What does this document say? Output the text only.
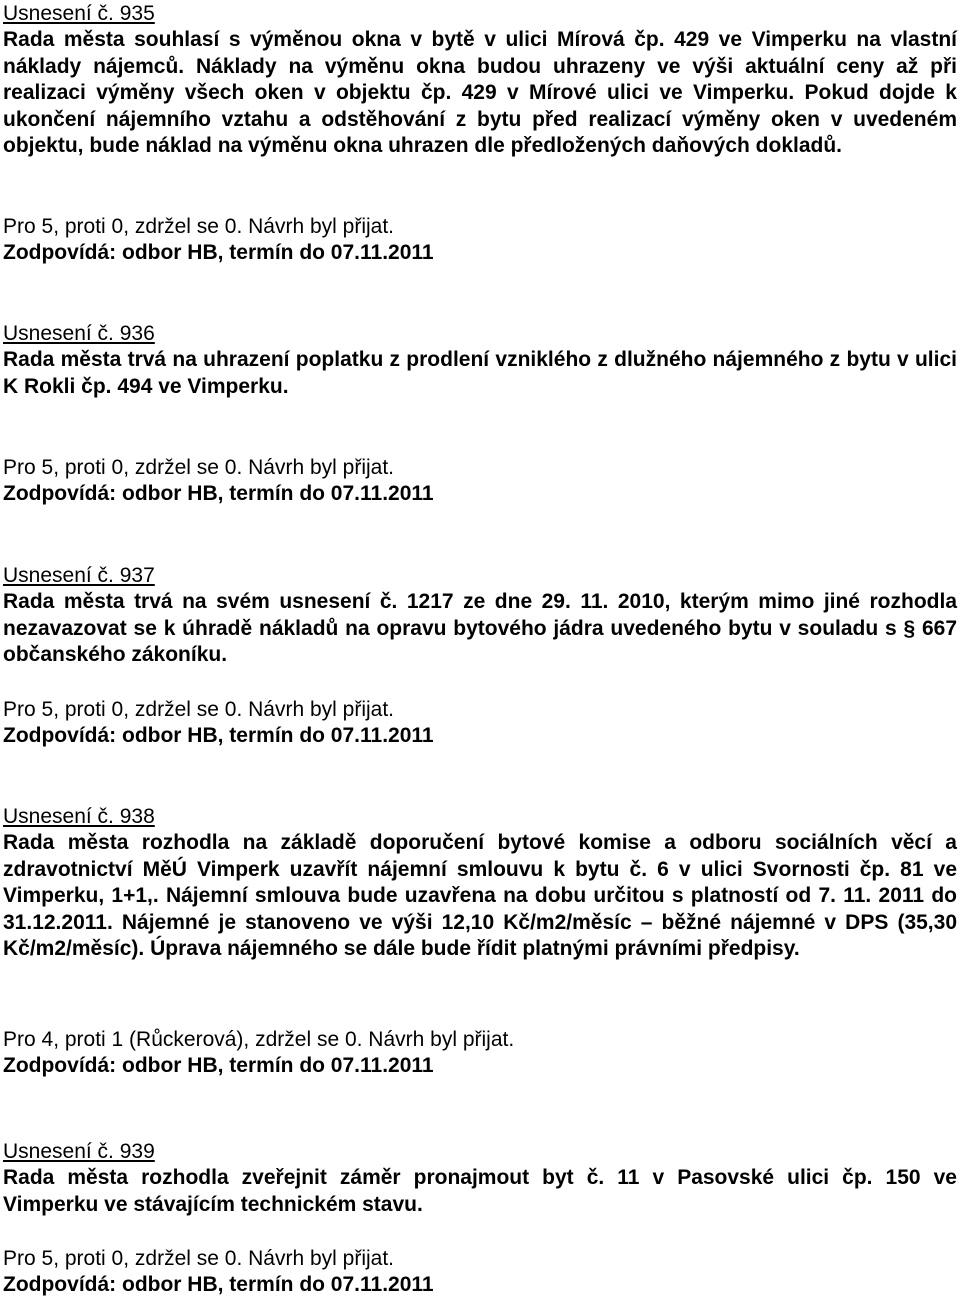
Usnesení č. 935

Rada města souhlasí s výměnou okna v bytě v ulici Mírová čp. 429 ve Vimperku na vlastní náklady nájemců. Náklady na výměnu okna budou uhrazeny ve výši aktuální ceny až při realizaci výměny všech oken v objektu čp. 429 v Mírové ulici ve Vimperku. Pokud dojde k ukončení nájemního vztahu a odstěhování z bytu před realizací výměny oken v uvedeném objektu, bude náklad na výměnu okna uhrazen dle předložených daňových dokladů.

Pro 5, proti 0, zdržel se 0. Návrh byl přijat.

Zodpovídá: odbor HB, termín do 07.11.2011

Usnesení č. 936

Rada města trvá na uhrazení poplatku z prodlení vzniklého z dlužného nájemného z bytu v ulici K Rokli čp. 494 ve Vimperku.

Pro 5, proti 0, zdržel se 0. Návrh byl přijat.

Zodpovídá: odbor HB, termín do 07.11.2011

Usnesení č. 937

Rada města trvá na svém usnesení č. 1217 ze dne 29. 11. 2010, kterým mimo jiné rozhodla nezavazovat se k úhradě nákladů na opravu bytového jádra uvedeného bytu v souladu s § 667 občanského zákoníku.

Pro 5, proti 0, zdržel se 0. Návrh byl přijat.

Zodpovídá: odbor HB, termín do 07.11.2011

Usnesení č. 938

Rada města rozhodla na základě doporučení bytové komise a odboru sociálních věcí a zdravotnictví MěÚ Vimperk uzavřít nájemní smlouvu k bytu č. 6 v ulici Svornosti čp. 81 ve Vimperku, 1+1,. Nájemní smlouva bude uzavřena na dobu určitou s platností od 7. 11. 2011 do 31.12.2011. Nájemné je stanoveno ve výši 12,10 Kč/m2/měsíc – běžné nájemné v DPS (35,30 Kč/m2/měsíc). Úprava nájemného se dále bude řídit platnými právními předpisy.

Pro 4, proti 1 (Růckerová), zdržel se 0. Návrh byl přijat.

Zodpovídá: odbor HB, termín do 07.11.2011

Usnesení č. 939

Rada města rozhodla zveřejnit záměr pronajmout byt č. 11 v Pasovské ulici čp. 150 ve Vimperku ve stávajícím technickém stavu.

Pro 5, proti 0, zdržel se 0. Návrh byl přijat.

Zodpovídá: odbor HB, termín do 07.11.2011
